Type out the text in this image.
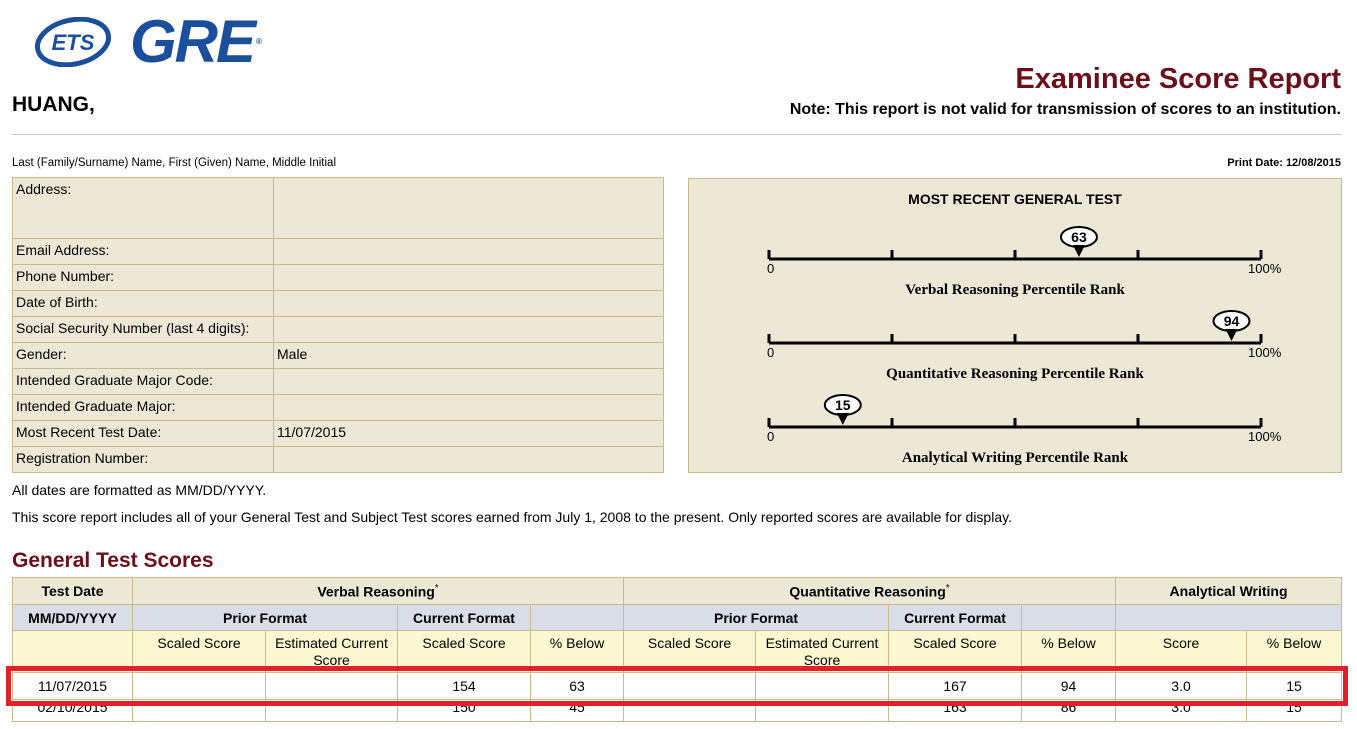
ETS GRE ®
HUANG,
Examinee Score Report
Note: This report is not valid for transmission of scores to an institution.
Last (Family/Surname) Name, First (Given) Name, Middle Initial	Print Date: 12/08/2015
Address:	
Email Address:	
Phone Number:	
Date of Birth:	
Social Security Number (last 4 digits):	
Gender:	Male
Intended Graduate Major Code:	
Intended Graduate Major:	
Most Recent Test Date:	11/07/2015
Registration Number:	
MOST RECENT GENERAL TEST
0	100%
63
Verbal Reasoning Percentile Rank
0	100%
94
Quantitative Reasoning Percentile Rank
0	100%
15
Analytical Writing Percentile Rank
All dates are formatted as MM/DD/YYYY.
This score report includes all of your General Test and Subject Test scores earned from July 1, 2008 to the present. Only reported scores are available for display.
General Test Scores
Test Date	Verbal Reasoning*				Quantitative Reasoning*				Analytical Writing	
MM/DD/YYYY	Prior Format		Current Format		Prior Format		Current Format			

	Scaled Score	Estimated Current Score	Scaled Score	% Below	Scaled Score	Estimated Current Score	Scaled Score	% Below	Score	% Below

11/07/2015			154	63			167	94	3.0	15
02/10/2015			150	45			163	86	3.0	15
